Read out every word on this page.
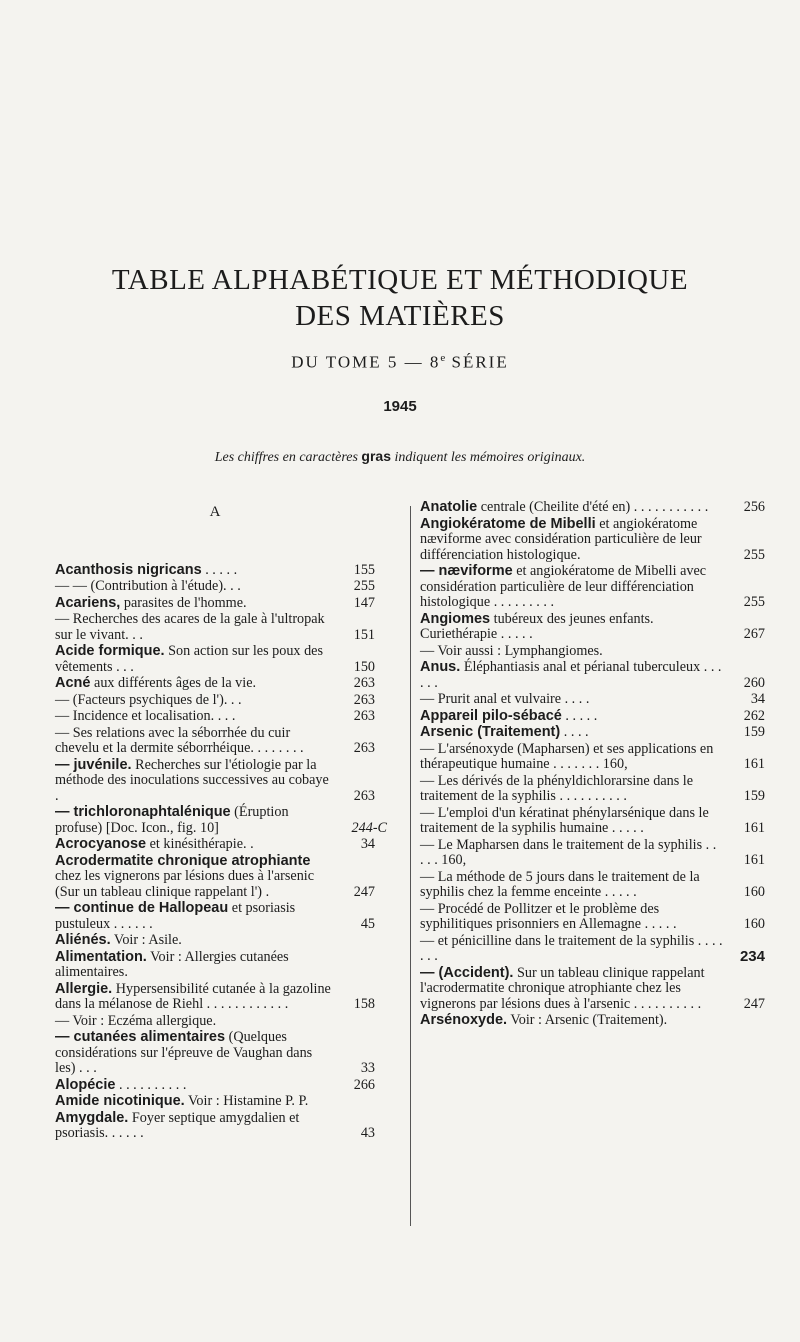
TABLE ALPHABÉTIQUE ET MÉTHODIQUE
DES MATIÈRES
DU TOME 5 — 8e SÉRIE
1945
Les chiffres en caractères gras indiquent les mémoires originaux.
A
Acanthosis nigricans . . . . .	155
— — (Contribution à l'étude). . .	255
Acariens, parasites de l'homme.	147
— Recherches des acares de la gale à l'ultropak sur le vivant. . .	151
Acide formique. Son action sur les poux des vêtements . . .	150
Acné aux différents âges de la vie.	263
— (Facteurs psychiques de l'). . .	263
— Incidence et localisation. . . .	263
— Ses relations avec la séborrhée du cuir chevelu et la dermite séborrhéique. . . . . . . .	263
— juvénile. Recherches sur l'étiologie par la méthode des inoculations successives au cobaye .	263
— trichloronaphtalénique (Éruption profuse) [Doc. Icon., fig. 10]	244-C
Acrocyanose et kinésithérapie. .	34
Acrodermatite chronique atrophiante chez les vignerons par lésions dues à l'arsenic (Sur un tableau clinique rappelant l') .	247
— continue de Hallopeau et psoriasis pustuleux . . . . . .	45
Aliénés. Voir : Asile.
Alimentation. Voir : Allergies cutanées alimentaires.
Allergie. Hypersensibilité cutanée à la gazoline dans la mélanose de Riehl . . . . . . . . . . . .	158
— Voir : Eczéma allergique.
— cutanées alimentaires (Quelques considérations sur l'épreuve de Vaughan dans les) . . .	33
Alopécie . . . . . . . . . .	266
Amide nicotinique. Voir : Histamine P. P.
Amygdale. Foyer septique amygdalien et psoriasis. . . . . .	43
Anatolie centrale (Cheilite d'été en) . . . . . . . . . . .	256
Angiokératome de Mibelli et angiokératome næviforme avec considération particulière de leur différenciation histologique.	255
— næviforme et angiokératome de Mibelli avec considération particulière de leur différenciation histologique . . . . . . . . .	255
Angiomes tubéreux des jeunes enfants. Curiethérapie . . . . .	267
— Voir aussi : Lymphangiomes.
Anus. Éléphantiasis anal et périanal tuberculeux . . . . . .	260
— Prurit anal et vulvaire . . . .	34
Appareil pilo-sébacé . . . . .	262
Arsenic (Traitement) . . . .	159
— L'arsénoxyde (Mapharsen) et ses applications en thérapeutique humaine . . . . . . . 160,	161
— Les dérivés de la phényldichlorarsine dans le traitement de la syphilis . . . . . . . . . .	159
— L'emploi d'un kératinat phénylarsénique dans le traitement de la syphilis humaine . . . . .	161
— Le Mapharsen dans le traitement de la syphilis . . . . . 160,	161
— La méthode de 5 jours dans le traitement de la syphilis chez la femme enceinte . . . . .	160
— Procédé de Pollitzer et le problème des syphilitiques prisonniers en Allemagne . . . . .	160
— et pénicilline dans le traitement de la syphilis . . . . . . .	234
— (Accident). Sur un tableau clinique rappelant l'acrodermatite chronique atrophiante chez les vignerons par lésions dues à l'arsenic . . . . . . . . . .	247
Arsénoxyde. Voir : Arsenic (Traitement).
